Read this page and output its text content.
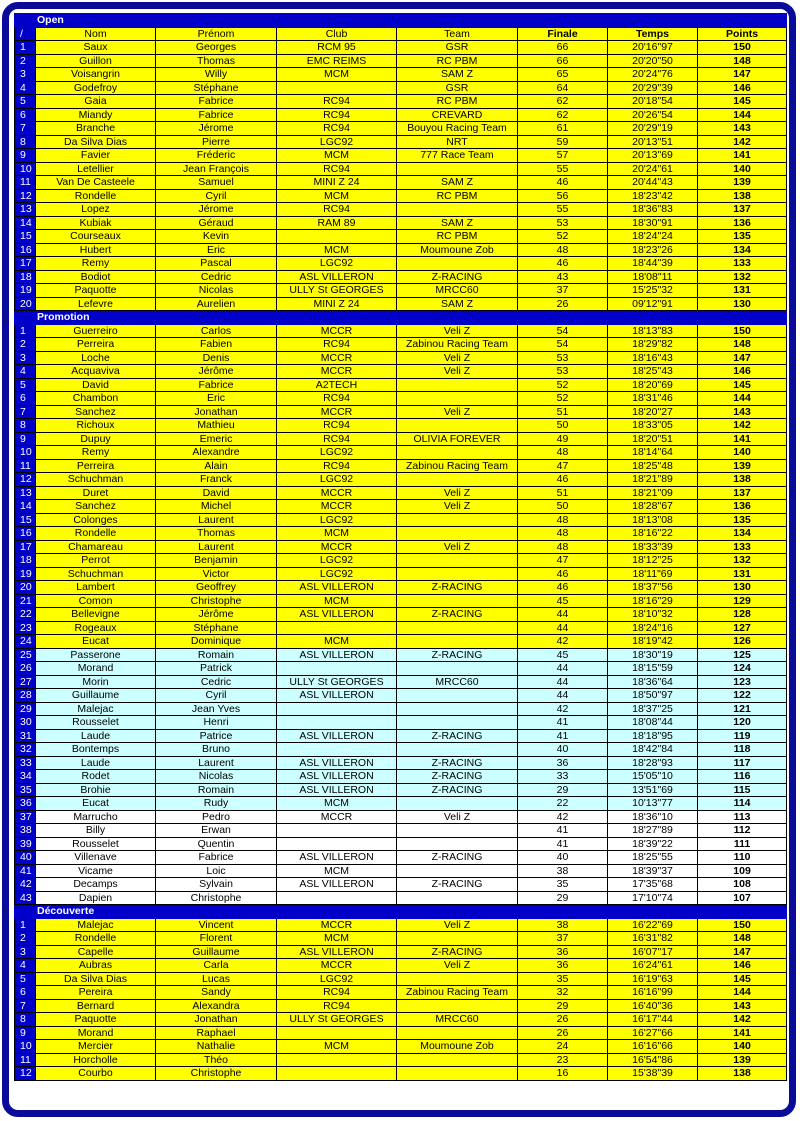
Open							
/	Nom	Prénom	Club	Team	Finale	Temps	Points
1	Saux	Georges	RCM 95	GSR	66	20'16"97	150
2	Guillon	Thomas	EMC REIMS	RC PBM	66	20'20"50	148
3	Voisangrin	Willy	MCM	SAM Z	65	20'24"76	147
4	Godefroy	Stéphane		GSR	64	20'29"39	146
5	Gaia	Fabrice	RC94	RC PBM	62	20'18"54	145
6	Miandy	Fabrice	RC94	CREVARD	62	20'26"54	144
7	Branche	Jérome	RC94	Bouyou Racing Team	61	20'29"19	143
8	Da Silva Dias	Pierre	LGC92	NRT	59	20'13"51	142
9	Favier	Fréderic	MCM	777 Race Team	57	20'13"69	141
10	Letellier	Jean François	RC94		55	20'24"61	140
11	Van De Casteele	Samuel	MINI Z 24	SAM Z	46	20'44"43	139
12	Rondelle	Cyril	MCM	RC PBM	56	18'23"42	138
13	Lopez	Jérome	RC94		55	18'36"83	137
14	Kubiak	Géraud	RAM 89	SAM Z	53	18'30"91	136
15	Courseaux	Kevin		RC PBM	52	18'24"24	135
16	Hubert	Eric	MCM	Moumoune Zob	48	18'23"26	134
17	Remy	Pascal	LGC92		46	18'44"39	133
18	Bodiot	Cedric	ASL VILLERON	Z-RACING	43	18'08"11	132
19	Paquotte	Nicolas	ULLY St GEORGES	MRCC60	37	15'25"32	131
20	Lefevre	Aurelien	MINI Z 24	SAM Z	26	09'12"91	130
Promotion							
1	Guerreiro	Carlos	MCCR	Veli Z	54	18'13"83	150
2	Perreira	Fabien	RC94	Zabinou Racing Team	54	18'29"82	148
3	Loche	Denis	MCCR	Veli Z	53	18'16"43	147
4	Acquaviva	Jérôme	MCCR	Veli Z	53	18'25"43	146
5	David	Fabrice	A2TECH		52	18'20"69	145
6	Chambon	Eric	RC94		52	18'31"46	144
7	Sanchez	Jonathan	MCCR	Veli Z	51	18'20"27	143
8	Richoux	Mathieu	RC94		50	18'33"05	142
9	Dupuy	Emeric	RC94	OLIVIA FOREVER	49	18'20"51	141
10	Remy	Alexandre	LGC92		48	18'14"64	140
11	Perreira	Alain	RC94	Zabinou Racing Team	47	18'25"48	139
12	Schuchman	Franck	LGC92		46	18'21"89	138
13	Duret	David	MCCR	Veli Z	51	18'21"09	137
14	Sanchez	Michel	MCCR	Veli Z	50	18'28"67	136
15	Colonges	Laurent	LGC92		48	18'13"08	135
16	Rondelle	Thomas	MCM		48	18'16"22	134
17	Chamareau	Laurent	MCCR	Veli Z	48	18'33"39	133
18	Perrot	Benjamin	LGC92		47	18'12"25	132
19	Schuchman	Victor	LGC92		46	18'11"69	131
20	Lambert	Geoffrey	ASL VILLERON	Z-RACING	46	18'37"56	130
21	Comon	Christophe	MCM		45	18'16"29	129
22	Bellevigne	Jérôme	ASL VILLERON	Z-RACING	44	18'10"32	128
23	Rogeaux	Stéphane			44	18'24"16	127
24	Eucat	Dominique	MCM		42	18'19"42	126
25	Passerone	Romain	ASL VILLERON	Z-RACING	45	18'30"19	125
26	Morand	Patrick			44	18'15"59	124
27	Morin	Cedric	ULLY St GEORGES	MRCC60	44	18'36"64	123
28	Guillaume	Cyril	ASL VILLERON		44	18'50"97	122
29	Malejac	Jean Yves			42	18'37"25	121
30	Rousselet	Henri			41	18'08"44	120
31	Laude	Patrice	ASL VILLERON	Z-RACING	41	18'18"95	119
32	Bontemps	Bruno			40	18'42"84	118
33	Laude	Laurent	ASL VILLERON	Z-RACING	36	18'28"93	117
34	Rodet	Nicolas	ASL VILLERON	Z-RACING	33	15'05"10	116
35	Brohie	Romain	ASL VILLERON	Z-RACING	29	13'51"69	115
36	Eucat	Rudy	MCM		22	10'13"77	114
37	Marrucho	Pedro	MCCR	Veli Z	42	18'36"10	113
38	Billy	Erwan			41	18'27"89	112
39	Rousselet	Quentin			41	18'39"22	111
40	Villenave	Fabrice	ASL VILLERON	Z-RACING	40	18'25"55	110
41	Vicame	Loic	MCM		38	18'39"37	109
42	Decamps	Sylvain	ASL VILLERON	Z-RACING	35	17'35"68	108
43	Dapien	Christophe			29	17'10"74	107
Découverte							
1	Malejac	Vincent	MCCR	Veli Z	38	16'22"69	150
2	Rondelle	Florent	MCM		37	16'31"82	148
3	Capelle	Guillaume	ASL VILLERON	Z-RACING	36	16'07"17	147
4	Aubras	Carla	MCCR	Veli Z	36	16'24"61	146
5	Da Silva Dias	Lucas	LGC92		35	16'19"63	145
6	Pereira	Sandy	RC94	Zabinou Racing Team	32	16'16"99	144
7	Bernard	Alexandra	RC94		29	16'40"36	143
8	Paquotte	Jonathan	ULLY St GEORGES	MRCC60	26	16'17"44	142
9	Morand	Raphael			26	16'27"66	141
10	Mercier	Nathalie	MCM	Moumoune Zob	24	16'16"66	140
11	Horcholle	Théo			23	16'54"86	139
12	Courbo	Christophe			16	15'38"39	138
